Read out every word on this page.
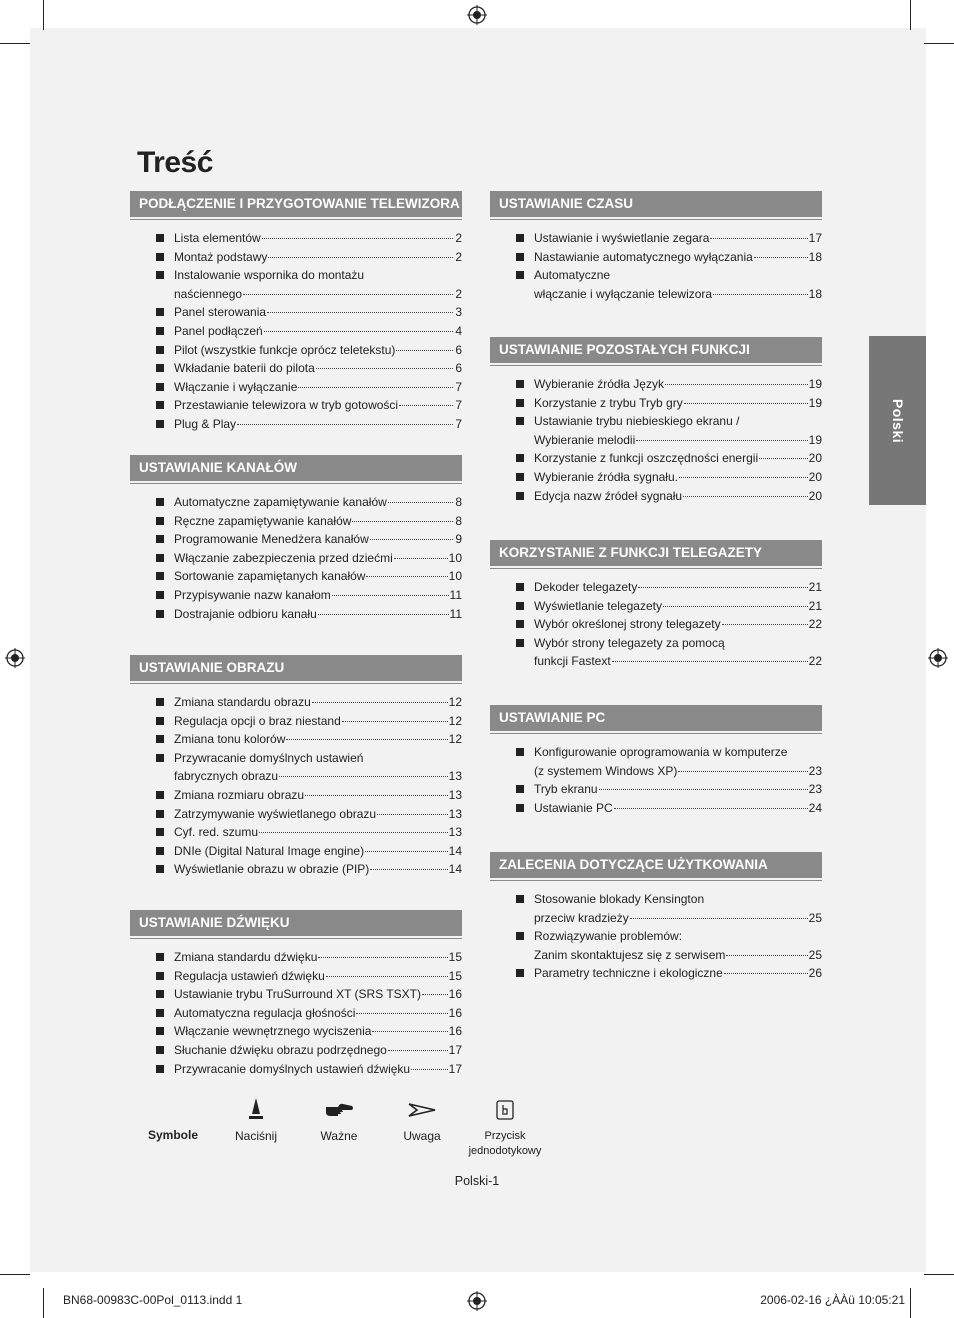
Treść
Polski
PODŁĄCZENIE I PRZYGOTOWANIE TELEWIZORA
Lista elementów	2
Montaż podstawy	2
Instalowanie wspornika do montażu
naściennego	2
Panel sterowania	3
Panel podłączeń	4
Pilot (wszystkie funkcje oprócz teletekstu)	6
Wkładanie baterii do pilota	6
Włączanie i wyłączanie	7
Przestawianie telewizora w tryb gotowości	7
Plug & Play	7
USTAWIANIE KANAŁÓW
Automatyczne zapamiętywanie kanałów	8
Ręczne zapamiętywanie kanałów	8
Programowanie Menedżera kanałów	9
Włączanie zabezpieczenia przed dziećmi	10
Sortowanie zapamiętanych kanałów	10
Przypisywanie nazw kanałom	11
Dostrajanie odbioru kanału	11
USTAWIANIE OBRAZU
Zmiana standardu obrazu	12
Regulacja opcji o braz niestand	12
Zmiana tonu kolorów	12
Przywracanie domyślnych ustawień
fabrycznych obrazu	13
Zmiana rozmiaru obrazu	13
Zatrzymywanie wyświetlanego obrazu	13
Cyf. red. szumu	13
DNIe (Digital Natural Image engine)	14
Wyświetlanie obrazu w obrazie (PIP)	14
USTAWIANIE DŹWIĘKU
Zmiana standardu dźwięku	15
Regulacja ustawień dźwięku	15
Ustawianie trybu TruSurround XT (SRS TSXT) 16
Automatyczna regulacja głośności	16
Włączanie wewnętrznego wyciszenia	16
Słuchanie dźwięku obrazu podrzędnego	17
Przywracanie domyślnych ustawień dźwięku	17
USTAWIANIE CZASU
Ustawianie i wyświetlanie zegara	17
Nastawianie automatycznego wyłączania	18
Automatyczne
włączanie i wyłączanie telewizora	18
USTAWIANIE POZOSTAŁYCH FUNKCJI
Wybieranie źródła Język	19
Korzystanie z trybu Tryb gry	19
Ustawianie trybu niebieskiego ekranu /
Wybieranie melodii	19
Korzystanie z funkcji oszczędności energii	20
Wybieranie źródła sygnału.	20
Edycja nazw źródeł sygnału	20
KORZYSTANIE Z FUNKCJI TELEGAZETY
Dekoder telegazety	21
Wyświetlanie telegazety	21
Wybór określonej strony telegazety	22
Wybór strony telegazety za pomocą
funkcji Fastext	22
USTAWIANIE PC
Konfigurowanie oprogramowania w komputerze
(z systemem Windows XP)	23
Tryb ekranu	23
Ustawianie PC	24
ZALECENIA DOTYCZĄCE UŻYTKOWANIA
Stosowanie blokady Kensington
przeciw kradzieży	25
Rozwiązywanie problemów:
Zanim skontaktujesz się z serwisem	25
Parametry techniczne i ekologiczne	26
Symbole	Naciśnij	Ważne	Uwaga	Przycisk jednodotykowy
Polski-1
BN68-00983C-00Pol_0113.indd 1	2006-02-16 ¿ÀÀü 10:05:21
